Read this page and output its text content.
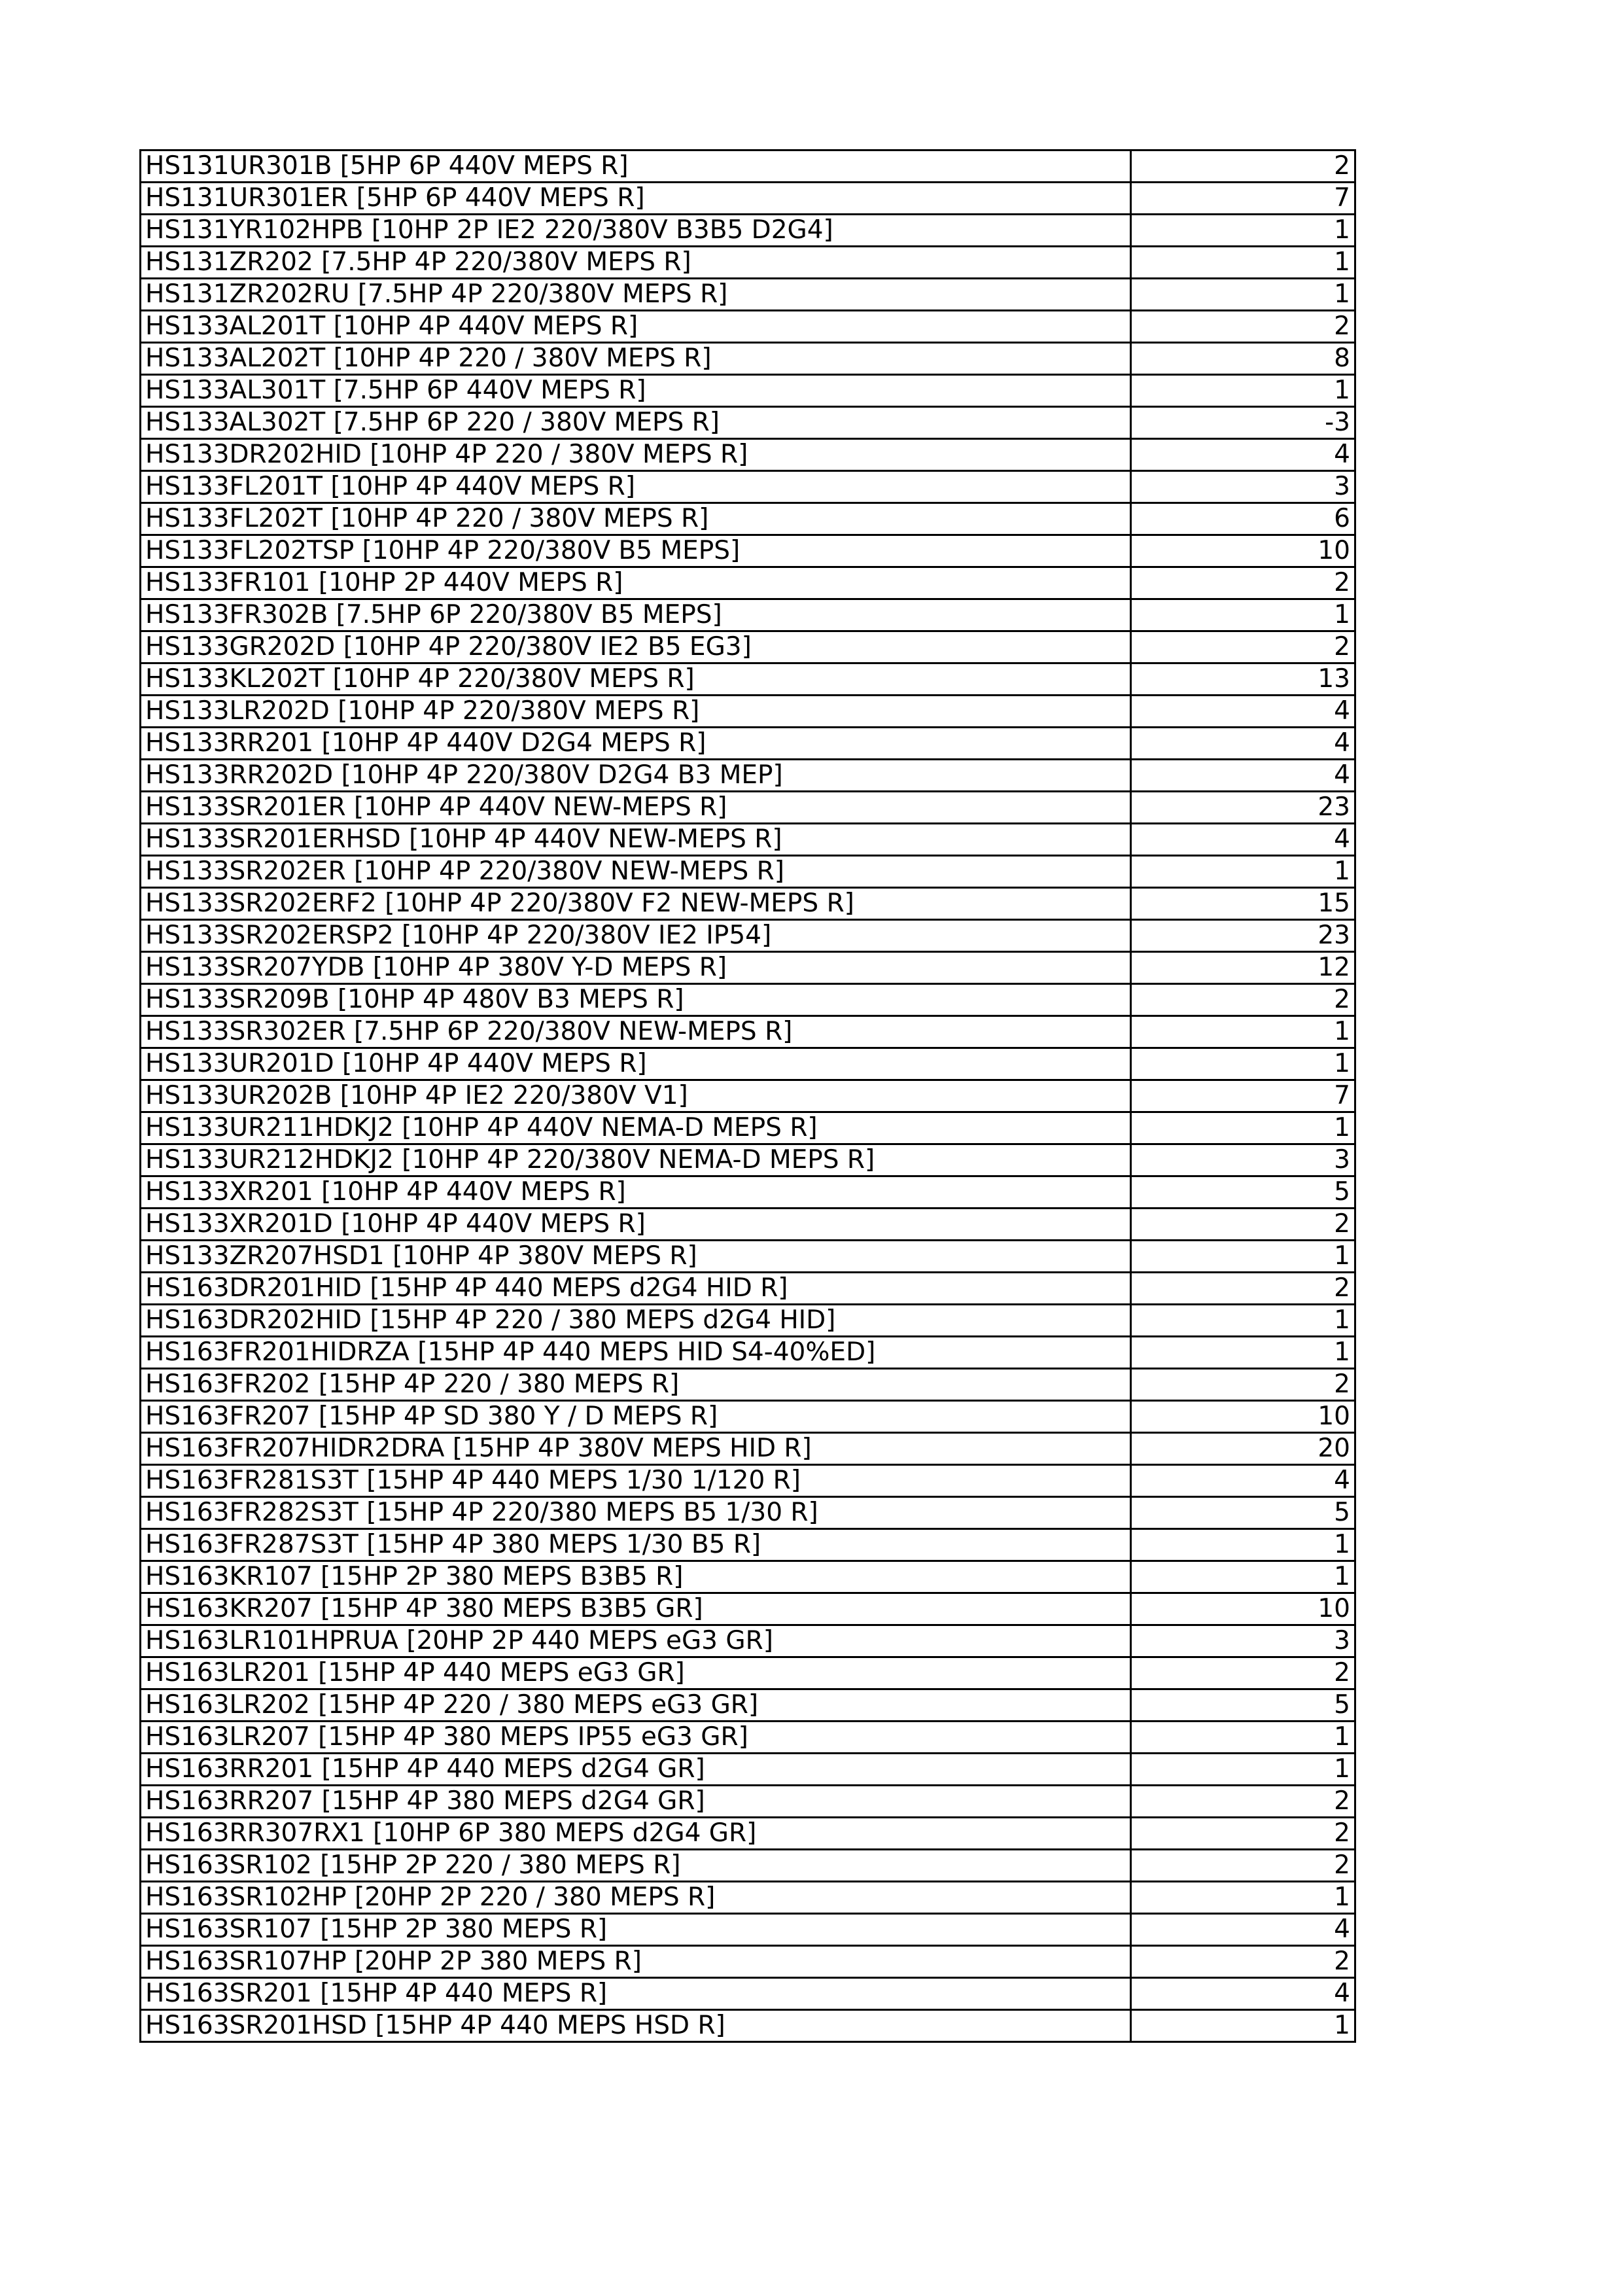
HS131UR301B [5HP 6P 440V MEPS R]	2
HS131UR301ER [5HP 6P 440V MEPS R]	7
HS131YR102HPB [10HP 2P IE2 220/380V B3B5 D2G4]	1
HS131ZR202 [7.5HP 4P 220/380V MEPS R]	1
HS131ZR202RU [7.5HP 4P 220/380V MEPS R]	1
HS133AL201T [10HP 4P 440V MEPS R]	2
HS133AL202T [10HP 4P 220 / 380V MEPS R]	8
HS133AL301T [7.5HP 6P 440V MEPS R]	1
HS133AL302T [7.5HP 6P 220 / 380V MEPS R]	-3
HS133DR202HID [10HP 4P 220 / 380V MEPS R]	4
HS133FL201T [10HP 4P 440V MEPS R]	3
HS133FL202T [10HP 4P 220 / 380V MEPS R]	6
HS133FL202TSP [10HP 4P 220/380V B5 MEPS]	10
HS133FR101 [10HP 2P 440V MEPS R]	2
HS133FR302B [7.5HP 6P 220/380V B5 MEPS]	1
HS133GR202D [10HP 4P 220/380V IE2 B5 EG3]	2
HS133KL202T [10HP 4P 220/380V MEPS R]	13
HS133LR202D [10HP 4P 220/380V MEPS R]	4
HS133RR201 [10HP 4P 440V D2G4 MEPS R]	4
HS133RR202D [10HP 4P 220/380V D2G4 B3 MEP]	4
HS133SR201ER [10HP 4P 440V NEW-MEPS R]	23
HS133SR201ERHSD [10HP 4P 440V NEW-MEPS R]	4
HS133SR202ER [10HP 4P 220/380V NEW-MEPS R]	1
HS133SR202ERF2 [10HP 4P 220/380V F2 NEW-MEPS R]	15
HS133SR202ERSP2 [10HP 4P 220/380V IE2 IP54]	23
HS133SR207YDB [10HP 4P 380V Y-D MEPS R]	12
HS133SR209B [10HP 4P 480V B3 MEPS R]	2
HS133SR302ER [7.5HP 6P 220/380V NEW-MEPS R]	1
HS133UR201D [10HP 4P 440V MEPS R]	1
HS133UR202B [10HP 4P IE2 220/380V V1]	7
HS133UR211HDKJ2 [10HP 4P 440V NEMA-D MEPS R]	1
HS133UR212HDKJ2 [10HP 4P 220/380V NEMA-D MEPS R]	3
HS133XR201 [10HP 4P 440V MEPS R]	5
HS133XR201D [10HP 4P 440V MEPS R]	2
HS133ZR207HSD1 [10HP 4P 380V MEPS R]	1
HS163DR201HID [15HP 4P 440 MEPS d2G4 HID R]	2
HS163DR202HID [15HP 4P 220 / 380 MEPS d2G4 HID]	1
HS163FR201HIDRZA [15HP 4P 440 MEPS HID S4-40%ED]	1
HS163FR202 [15HP 4P 220 / 380 MEPS R]	2
HS163FR207 [15HP 4P SD 380 Y / D MEPS R]	10
HS163FR207HIDR2DRA [15HP 4P 380V MEPS HID R]	20
HS163FR281S3T [15HP 4P 440 MEPS 1/30 1/120 R]	4
HS163FR282S3T [15HP 4P 220/380 MEPS B5 1/30 R]	5
HS163FR287S3T [15HP 4P 380 MEPS 1/30 B5 R]	1
HS163KR107 [15HP 2P 380 MEPS B3B5 R]	1
HS163KR207 [15HP 4P 380 MEPS B3B5 GR]	10
HS163LR101HPRUA [20HP 2P 440 MEPS eG3 GR]	3
HS163LR201 [15HP 4P 440 MEPS eG3 GR]	2
HS163LR202 [15HP 4P 220 / 380 MEPS eG3 GR]	5
HS163LR207 [15HP 4P 380 MEPS IP55 eG3 GR]	1
HS163RR201 [15HP 4P 440 MEPS d2G4 GR]	1
HS163RR207 [15HP 4P 380 MEPS d2G4 GR]	2
HS163RR307RX1 [10HP 6P 380 MEPS d2G4 GR]	2
HS163SR102 [15HP 2P 220 / 380 MEPS R]	2
HS163SR102HP [20HP 2P 220 / 380 MEPS R]	1
HS163SR107 [15HP 2P 380 MEPS R]	4
HS163SR107HP [20HP 2P 380 MEPS R]	2
HS163SR201 [15HP 4P 440 MEPS R]	4
HS163SR201HSD [15HP 4P 440 MEPS HSD R]	1
